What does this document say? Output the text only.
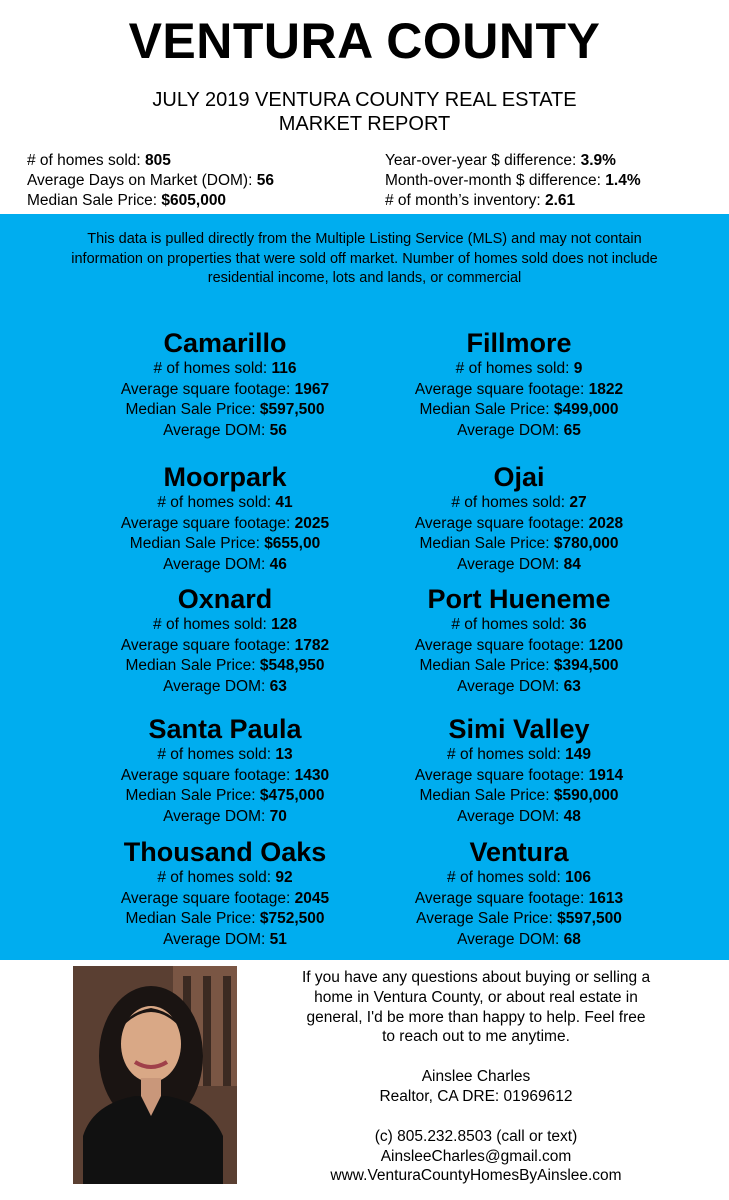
VENTURA COUNTY
JULY 2019 VENTURA COUNTY REAL ESTATE
MARKET REPORT
# of homes sold: 805
Average Days on Market (DOM): 56
Median Sale Price: $605,000
Year-over-year $ difference: 3.9%
Month-over-month $ difference: 1.4%
# of month’s inventory: 2.61
This data is pulled directly from the Multiple Listing Service (MLS) and may not contain
information on properties that were sold off market. Number of homes sold does not include
residential income, lots and lands, or commercial
Camarillo
# of homes sold: 116
Average square footage: 1967
Median Sale Price: $597,500
Average DOM: 56
Fillmore
# of homes sold: 9
Average square footage: 1822
Median Sale Price: $499,000
Average DOM: 65
Moorpark
# of homes sold: 41
Average square footage: 2025
Median Sale Price: $655,00
Average DOM: 46
Ojai
# of homes sold: 27
Average square footage: 2028
Median Sale Price: $780,000
Average DOM: 84
Oxnard
# of homes sold: 128
Average square footage: 1782
Median Sale Price: $548,950
Average DOM: 63
Port Hueneme
# of homes sold: 36
Average square footage: 1200
Median Sale Price: $394,500
Average DOM: 63
Santa Paula
# of homes sold: 13
Average square footage: 1430
Median Sale Price: $475,000
Average DOM: 70
Simi Valley
# of homes sold: 149
Average square footage: 1914
Median Sale Price: $590,000
Average DOM: 48
Thousand Oaks
# of homes sold: 92
Average square footage: 2045
Median Sale Price: $752,500
Average DOM: 51
Ventura
# of homes sold: 106
Average square footage: 1613
Average Sale Price: $597,500
Average DOM: 68
If you have any questions about buying or selling a
home in Ventura County, or about real estate in
general, I'd be more than happy to help. Feel free
to reach out to me anytime.
Ainslee Charles
Realtor, CA DRE: 01969612
(c) 805.232.8503 (call or text)
AinsleeCharles@gmail.com
www.VenturaCountyHomesByAinslee.com
